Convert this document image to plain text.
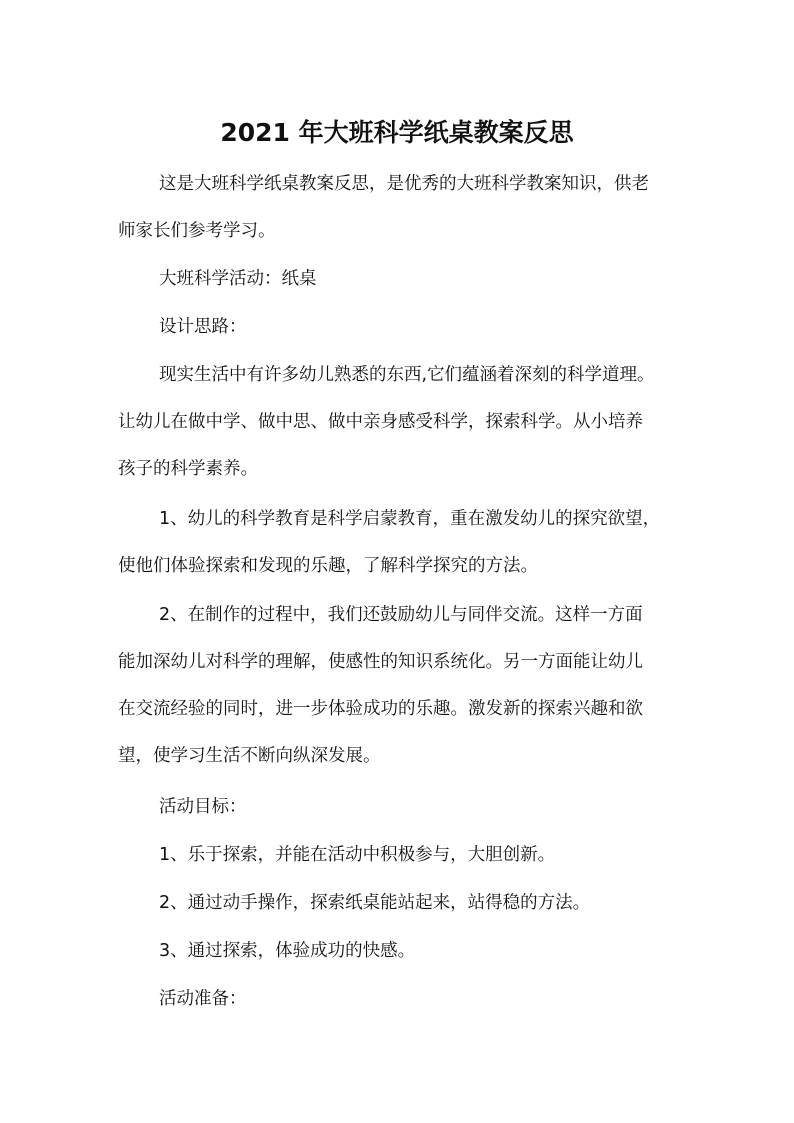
2021 年大班科学纸桌教案反思

这是大班科学纸桌教案反思，是优秀的大班科学教案知识，供老
师家长们参考学习。

大班科学活动：纸桌

设计思路：

现实生活中有许多幼儿熟悉的东西,它们蕴涵着深刻的科学道理。
让幼儿在做中学、做中思、做中亲身感受科学，探索科学。从小培养
孩子的科学素养。

1、幼儿的科学教育是科学启蒙教育，重在激发幼儿的探究欲望，
使他们体验探索和发现的乐趣，了解科学探究的方法。

2、在制作的过程中，我们还鼓励幼儿与同伴交流。这样一方面
能加深幼儿对科学的理解，使感性的知识系统化。另一方面能让幼儿
在交流经验的同时，进一步体验成功的乐趣。激发新的探索兴趣和欲
望，使学习生活不断向纵深发展。

活动目标：

1、乐于探索，并能在活动中积极参与，大胆创新。

2、通过动手操作，探索纸桌能站起来，站得稳的方法。

3、通过探索，体验成功的快感。

活动准备：
